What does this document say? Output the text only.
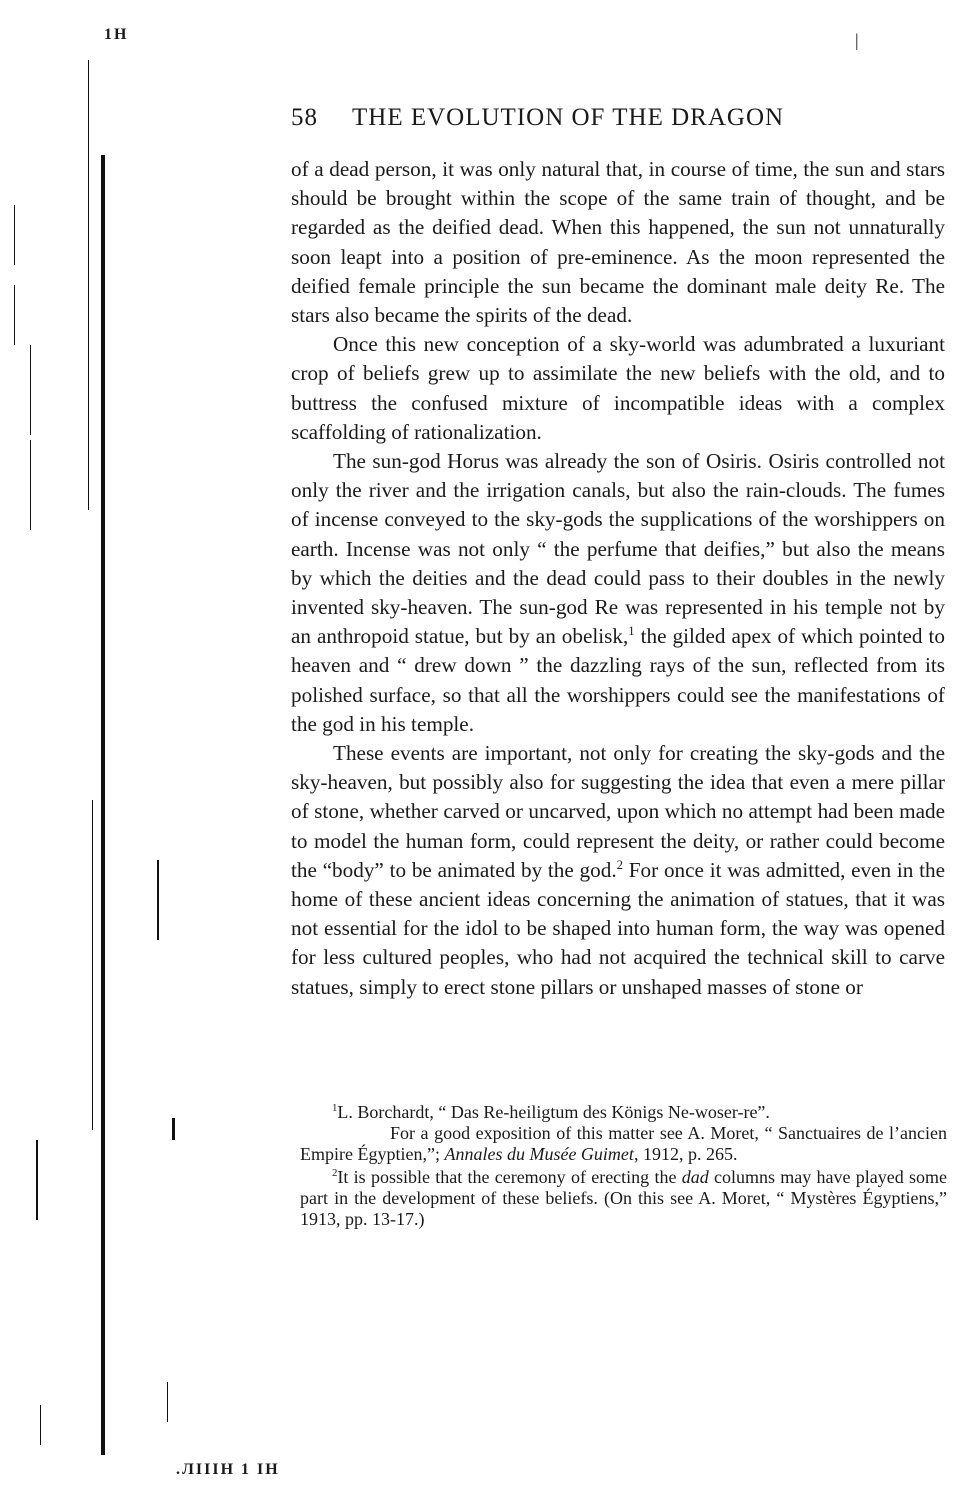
1H	|
.ЛIIIH 1 IH
58 THE EVOLUTION OF THE DRAGON

of a dead person, it was only natural that, in course of time, the sun and stars should be brought within the scope of the same train of thought, and be regarded as the deified dead. When this happened, the sun not unnaturally soon leapt into a position of pre-eminence. As the moon represented the deified female principle the sun became the dominant male deity Re. The stars also became the spirits of the dead.

Once this new conception of a sky-world was adumbrated a luxuriant crop of beliefs grew up to assimilate the new beliefs with the old, and to buttress the confused mixture of incompatible ideas with a complex scaffolding of rationalization.

The sun-god Horus was already the son of Osiris. Osiris controlled not only the river and the irrigation canals, but also the rain-clouds. The fumes of incense conveyed to the sky-gods the supplications of the worshippers on earth. Incense was not only “ the perfume that deifies,” but also the means by which the deities and the dead could pass to their doubles in the newly invented sky-heaven. The sun-god Re was represented in his temple not by an anthropoid statue, but by an obelisk,$^1$ the gilded apex of which pointed to heaven and “ drew down ” the dazzling rays of the sun, reflected from its polished surface, so that all the worshippers could see the manifestations of the god in his temple.

These events are important, not only for creating the sky-gods and the sky-heaven, but possibly also for suggesting the idea that even a mere pillar of stone, whether carved or uncarved, upon which no attempt had been made to model the human form, could represent the deity, or rather could become the “body” to be animated by the god.$^2$ For once it was admitted, even in the home of these ancient ideas concerning the animation of statues, that it was not essential for the idol to be shaped into human form, the way was opened for less cultured peoples, who had not acquired the technical skill to carve statues, simply to erect stone pillars or unshaped masses of stone or

$^1$L. Borchardt, “ Das Re-heiligtum des Königs Ne-woser-re”.

For a good exposition of this matter see A. Moret, “ Sanctuaires de l’ancien Empire Égyptien,”; Annales du Musée Guimet, 1912, p. 265.

$^2$It is possible that the ceremony of erecting the dad columns may have played some part in the development of these beliefs. (On this see A. Moret, “ Mystères Égyptiens,” 1913, pp. 13-17.)
